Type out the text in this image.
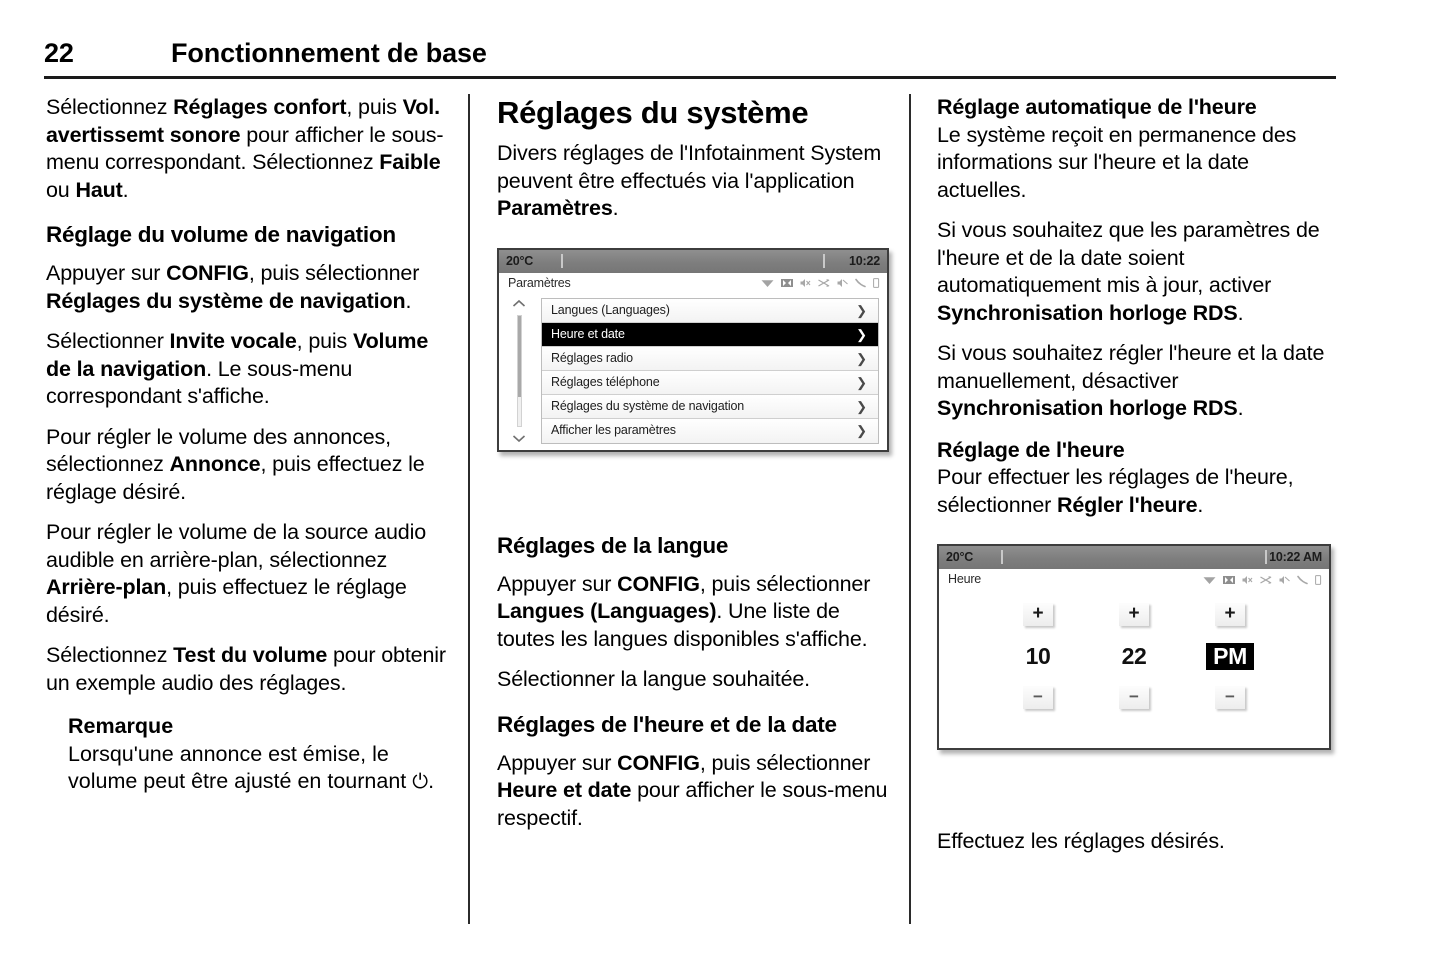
22	Fonctionnement de base

Sélectionnez Réglages confort, puis Vol. avertissemt sonore pour afficher le sous-menu correspondant. Sélectionnez Faible ou Haut.

Réglage du volume de navigation

Appuyer sur CONFIG, puis sélectionner Réglages du système de navigation.

Sélectionner Invite vocale, puis Volume de la navigation. Le sous-menu correspondant s'affiche.

Pour régler le volume des annonces, sélectionnez Annonce, puis effectuez le réglage désiré.

Pour régler le volume de la source audio audible en arrière-plan, sélectionnez Arrière-plan, puis effectuez le réglage désiré.

Sélectionnez Test du volume pour obtenir un exemple audio des réglages.

Remarque

Lorsqu'une annonce est émise, le volume peut être ajusté en tournant ⏻.

Réglages du système

Divers réglages de l'Infotainment System peuvent être effectués via l'application Paramètres.

20°C	10:22
Paramètres
Langues (Languages)	❯
Heure et date	❯
Réglages radio	❯
Réglages téléphone	❯
Réglages du système de navigation	❯
Afficher les paramètres	❯
Réglages de la langue

Appuyer sur CONFIG, puis sélectionner Langues (Languages). Une liste de toutes les langues disponibles s'affiche.

Sélectionner la langue souhaitée.

Réglages de l'heure et de la date

Appuyer sur CONFIG, puis sélectionner Heure et date pour afficher le sous-menu respectif.

Réglage automatique de l'heure

Le système reçoit en permanence des informations sur l'heure et la date actuelles.

Si vous souhaitez que les paramètres de l'heure et de la date soient automatiquement mis à jour, activer Synchronisation horloge RDS.

Si vous souhaitez régler l'heure et la date manuellement, désactiver Synchronisation horloge RDS.

Réglage de l'heure

Pour effectuer les réglages de l'heure, sélectionner Régler l'heure.

20°C	10:22 AM
Heure
+
10
−
+
22
−
+
PM
−

Effectuez les réglages désirés.
